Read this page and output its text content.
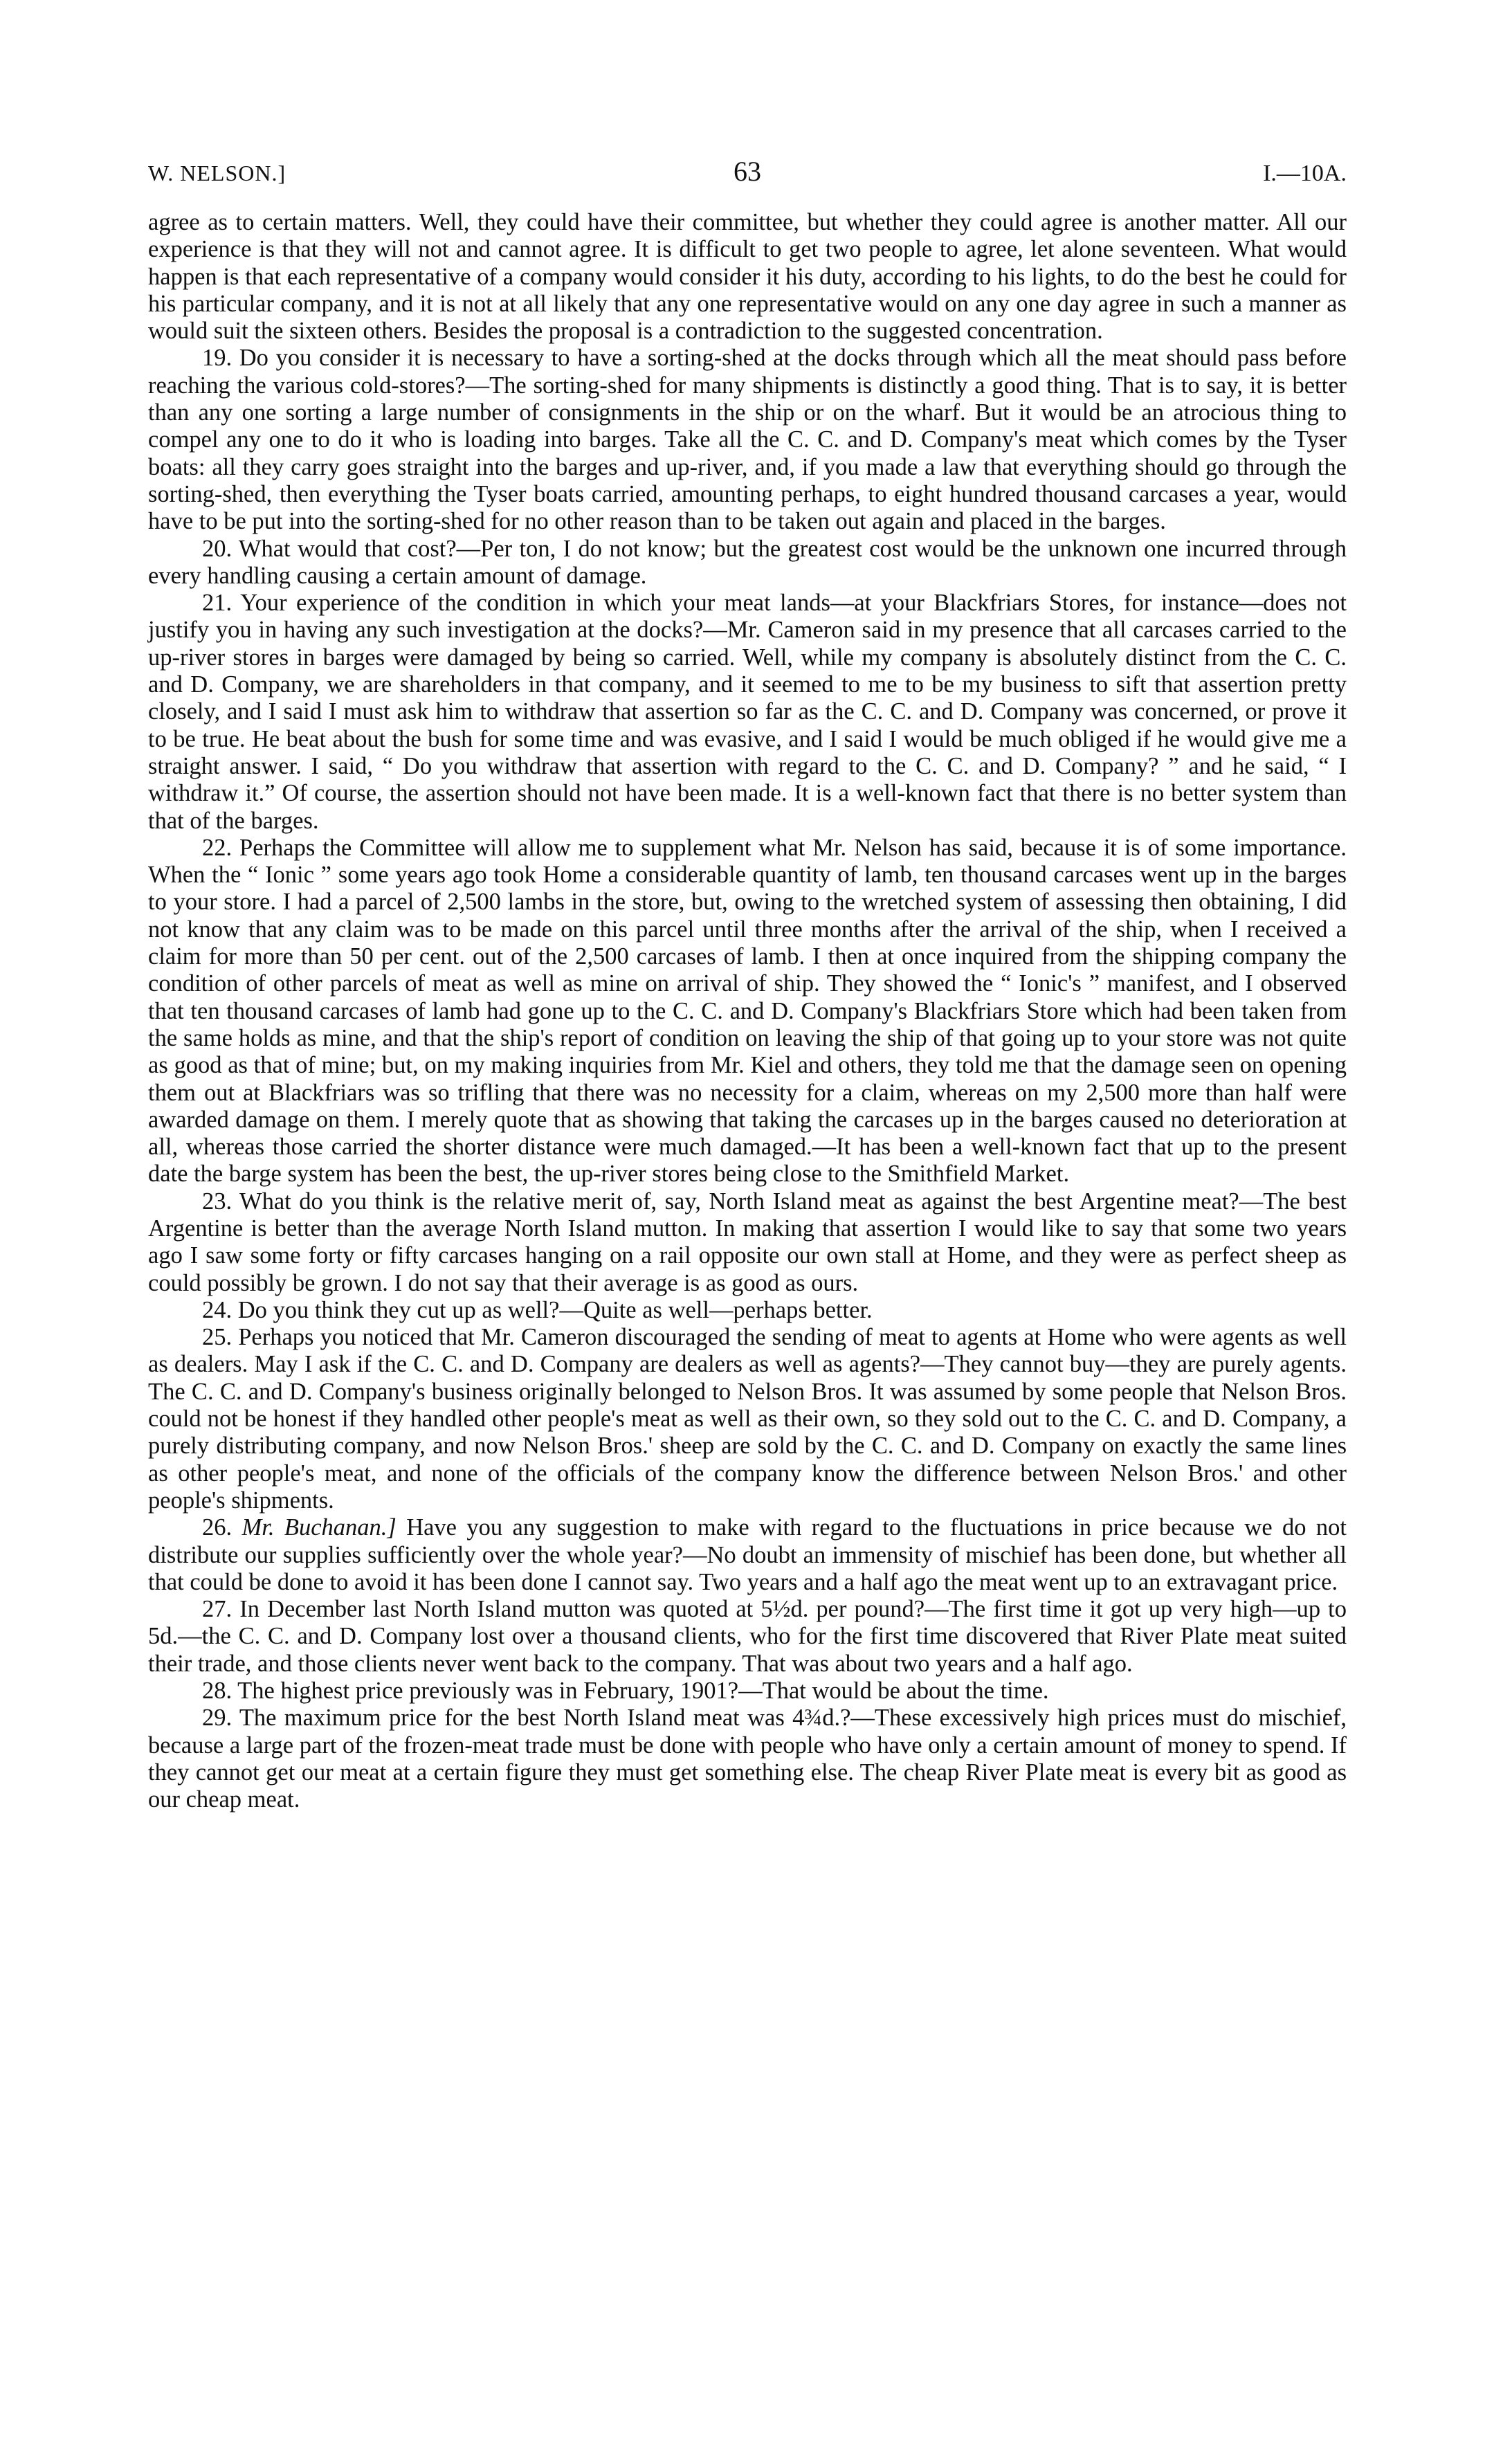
W. NELSON.]	63	I.—10A.

agree as to certain matters. Well, they could have their committee, but whether they could agree is another matter. All our experience is that they will not and cannot agree. It is difficult to get two people to agree, let alone seventeen. What would happen is that each representative of a company would consider it his duty, according to his lights, to do the best he could for his particular company, and it is not at all likely that any one representative would on any one day agree in such a manner as would suit the sixteen others. Besides the proposal is a contradiction to the suggested concentration.

19. Do you consider it is necessary to have a sorting-shed at the docks through which all the meat should pass before reaching the various cold-stores?—The sorting-shed for many shipments is distinctly a good thing. That is to say, it is better than any one sorting a large number of consignments in the ship or on the wharf. But it would be an atrocious thing to compel any one to do it who is loading into barges. Take all the C. C. and D. Company's meat which comes by the Tyser boats: all they carry goes straight into the barges and up-river, and, if you made a law that everything should go through the sorting-shed, then everything the Tyser boats carried, amounting perhaps, to eight hundred thousand carcases a year, would have to be put into the sorting-shed for no other reason than to be taken out again and placed in the barges.

20. What would that cost?—Per ton, I do not know; but the greatest cost would be the unknown one incurred through every handling causing a certain amount of damage.

21. Your experience of the condition in which your meat lands—at your Blackfriars Stores, for instance—does not justify you in having any such investigation at the docks?—Mr. Cameron said in my presence that all carcases carried to the up-river stores in barges were damaged by being so carried. Well, while my company is absolutely distinct from the C. C. and D. Company, we are shareholders in that company, and it seemed to me to be my business to sift that assertion pretty closely, and I said I must ask him to withdraw that assertion so far as the C. C. and D. Company was concerned, or prove it to be true. He beat about the bush for some time and was evasive, and I said I would be much obliged if he would give me a straight answer. I said, “ Do you withdraw that assertion with regard to the C. C. and D. Company? ” and he said, “ I withdraw it.” Of course, the assertion should not have been made. It is a well-known fact that there is no better system than that of the barges.

22. Perhaps the Committee will allow me to supplement what Mr. Nelson has said, because it is of some importance. When the “ Ionic ” some years ago took Home a considerable quantity of lamb, ten thousand carcases went up in the barges to your store. I had a parcel of 2,500 lambs in the store, but, owing to the wretched system of assessing then obtaining, I did not know that any claim was to be made on this parcel until three months after the arrival of the ship, when I received a claim for more than 50 per cent. out of the 2,500 carcases of lamb. I then at once inquired from the shipping company the condition of other parcels of meat as well as mine on arrival of ship. They showed the “ Ionic's ” manifest, and I observed that ten thousand carcases of lamb had gone up to the C. C. and D. Company's Blackfriars Store which had been taken from the same holds as mine, and that the ship's report of condition on leaving the ship of that going up to your store was not quite as good as that of mine; but, on my making inquiries from Mr. Kiel and others, they told me that the damage seen on opening them out at Blackfriars was so trifling that there was no necessity for a claim, whereas on my 2,500 more than half were awarded damage on them. I merely quote that as showing that taking the carcases up in the barges caused no deterioration at all, whereas those carried the shorter distance were much damaged.—It has been a well-known fact that up to the present date the barge system has been the best, the up-river stores being close to the Smithfield Market.

23. What do you think is the relative merit of, say, North Island meat as against the best Argentine meat?—The best Argentine is better than the average North Island mutton. In making that assertion I would like to say that some two years ago I saw some forty or fifty carcases hanging on a rail opposite our own stall at Home, and they were as perfect sheep as could possibly be grown. I do not say that their average is as good as ours.

24. Do you think they cut up as well?—Quite as well—perhaps better.

25. Perhaps you noticed that Mr. Cameron discouraged the sending of meat to agents at Home who were agents as well as dealers. May I ask if the C. C. and D. Company are dealers as well as agents?—They cannot buy—they are purely agents. The C. C. and D. Company's business originally belonged to Nelson Bros. It was assumed by some people that Nelson Bros. could not be honest if they handled other people's meat as well as their own, so they sold out to the C. C. and D. Company, a purely distributing company, and now Nelson Bros.' sheep are sold by the C. C. and D. Company on exactly the same lines as other people's meat, and none of the officials of the company know the difference between Nelson Bros.' and other people's shipments.

26. Mr. Buchanan.] Have you any suggestion to make with regard to the fluctuations in price because we do not distribute our supplies sufficiently over the whole year?—No doubt an immensity of mischief has been done, but whether all that could be done to avoid it has been done I cannot say. Two years and a half ago the meat went up to an extravagant price.

27. In December last North Island mutton was quoted at 5½d. per pound?—The first time it got up very high—up to 5d.—the C. C. and D. Company lost over a thousand clients, who for the first time discovered that River Plate meat suited their trade, and those clients never went back to the company. That was about two years and a half ago.

28. The highest price previously was in February, 1901?—That would be about the time.

29. The maximum price for the best North Island meat was 4¾d.?—These excessively high prices must do mischief, because a large part of the frozen-meat trade must be done with people who have only a certain amount of money to spend. If they cannot get our meat at a certain figure they must get something else. The cheap River Plate meat is every bit as good as our cheap meat.
